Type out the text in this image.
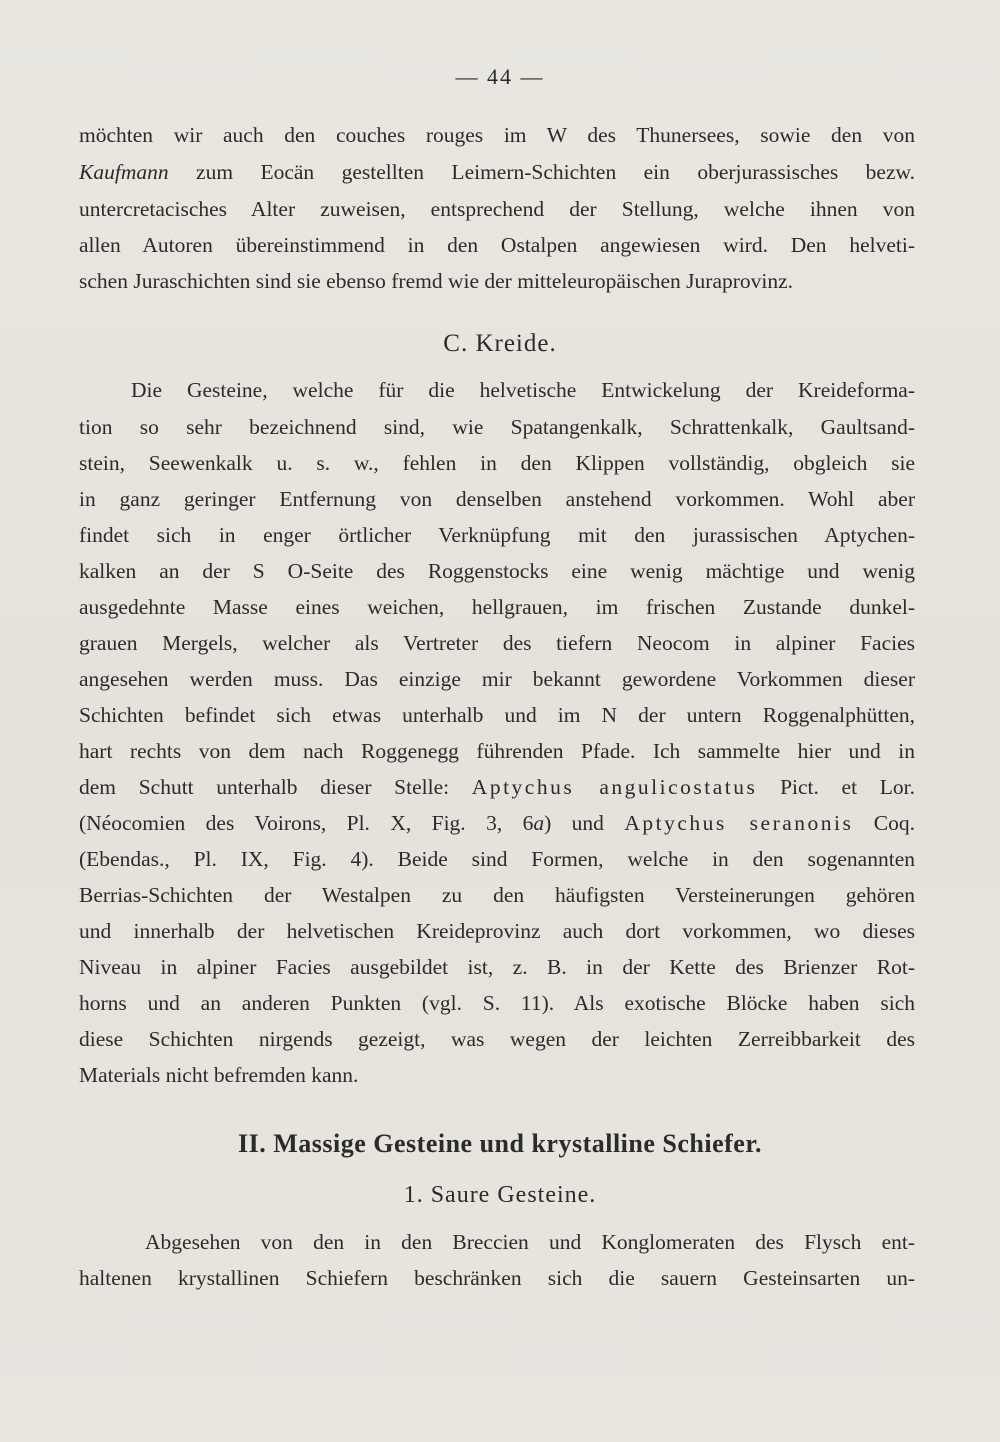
— 44 —
möchten wir auch den couches rouges im W des Thunersees, sowie den von
Kaufmann zum Eocän gestellten Leimern-Schichten ein oberjurassisches bezw.
untercretacisches Alter zuweisen, entsprechend der Stellung, welche ihnen von
allen Autoren übereinstimmend in den Ostalpen angewiesen wird. Den helveti-
schen Juraschichten sind sie ebenso fremd wie der mitteleuropäischen Juraprovinz.
C. Kreide.
Die Gesteine, welche für die helvetische Entwickelung der Kreideforma-
tion so sehr bezeichnend sind, wie Spatangenkalk, Schrattenkalk, Gaultsand-
stein, Seewenkalk u. s. w., fehlen in den Klippen vollständig, obgleich sie
in ganz geringer Entfernung von denselben anstehend vorkommen. Wohl aber
findet sich in enger örtlicher Verknüpfung mit den jurassischen Aptychen-
kalken an der S O-Seite des Roggenstocks eine wenig mächtige und wenig
ausgedehnte Masse eines weichen, hellgrauen, im frischen Zustande dunkel-
grauen Mergels, welcher als Vertreter des tiefern Neocom in alpiner Facies
angesehen werden muss. Das einzige mir bekannt gewordene Vorkommen dieser
Schichten befindet sich etwas unterhalb und im N der untern Roggenalphütten,
hart rechts von dem nach Roggenegg führenden Pfade. Ich sammelte hier und in
dem Schutt unterhalb dieser Stelle: Aptychus angulicostatus Pict. et Lor.
(Néocomien des Voirons, Pl. X, Fig. 3, 6a) und Aptychus seranonis Coq.
(Ebendas., Pl. IX, Fig. 4). Beide sind Formen, welche in den sogenannten
Berrias-Schichten der Westalpen zu den häufigsten Versteinerungen gehören
und innerhalb der helvetischen Kreideprovinz auch dort vorkommen, wo dieses
Niveau in alpiner Facies ausgebildet ist, z. B. in der Kette des Brienzer Rot-
horns und an anderen Punkten (vgl. S. 11). Als exotische Blöcke haben sich
diese Schichten nirgends gezeigt, was wegen der leichten Zerreibbarkeit des
Materials nicht befremden kann.
II. Massige Gesteine und krystalline Schiefer.
1. Saure Gesteine.
Abgesehen von den in den Breccien und Konglomeraten des Flysch ent-
haltenen krystallinen Schiefern beschränken sich die sauern Gesteinsarten un-
